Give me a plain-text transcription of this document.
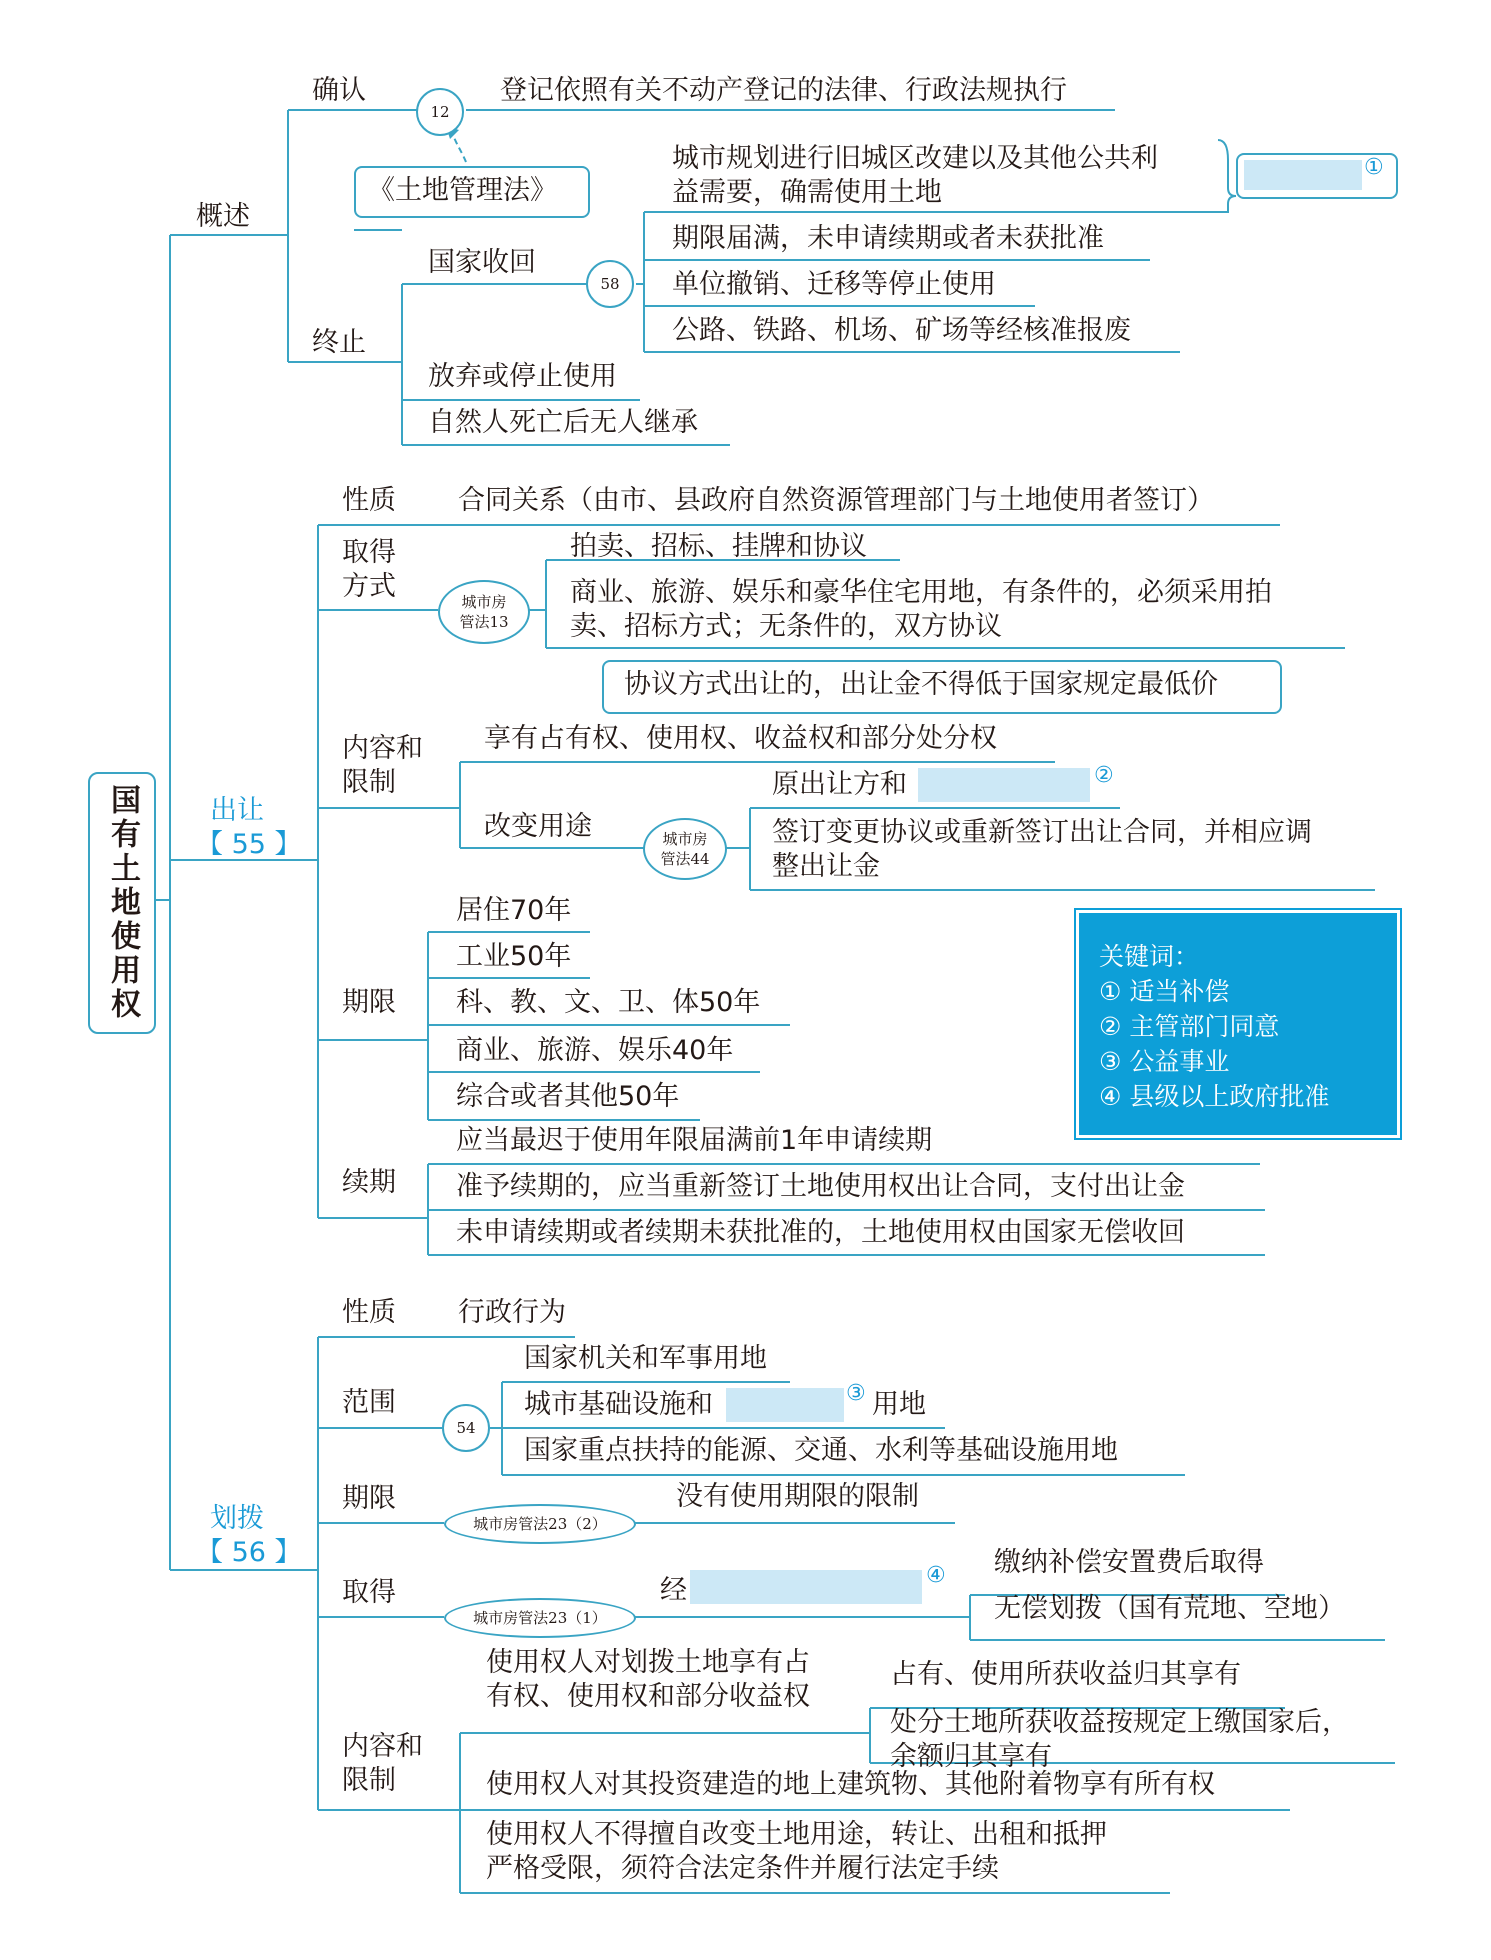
国有土地使用权
概述
确认
12
登记依照有关不动产登记的法律、行政法规执行
《土地管理法》
终止
国家收回
58
城市规划进行旧城区改建以及其他公共利
益需要，确需使用土地
①
期限届满，未申请续期或者未获批准
单位撤销、迁移等停止使用
公路、铁路、机场、矿场等经核准报废
放弃或停止使用
自然人死亡后无人继承
出让
【 55 】
性质 合同关系（由市、县政府自然资源管理部门与土地使用者签订）
取得
方式	城市房
管法13
拍卖、招标、挂牌和协议
商业、旅游、娱乐和豪华住宅用地，有条件的，必须采用拍
卖、招标方式；无条件的，双方协议
协议方式出让的，出让金不得低于国家规定最低价
内容和
限制
享有占有权、使用权、收益权和部分处分权
改变用途	城市房
管法44
原出让方和	②
签订变更协议或重新签订出让合同，并相应调
整出让金
期限
居住70年
工业50年
科、教、文、卫、体50年
商业、旅游、娱乐40年
综合或者其他50年
关键词：
① 适当补偿
② 主管部门同意
③ 公益事业
④ 县级以上政府批准
续期
应当最迟于使用年限届满前1年申请续期
准予续期的，应当重新签订土地使用权出让合同，支付出让金
未申请续期或者续期未获批准的，土地使用权由国家无偿收回
划拨
【 56 】
性质 行政行为
范围
54
国家机关和军事用地
城市基础设施和	③ 用地
国家重点扶持的能源、交通、水利等基础设施用地
期限
城市房管法23（2）
没有使用期限的限制
取得
城市房管法23（1）
经	④ 缴纳补偿安置费后取得
无偿划拨（国有荒地、空地）
内容和
限制
使用权人对划拨土地享有占
有权、使用权和部分收益权
占有、使用所获收益归其享有
处分土地所获收益按规定上缴国家后，
余额归其享有
使用权人对其投资建造的地上建筑物、其他附着物享有所有权
使用权人不得擅自改变土地用途，转让、出租和抵押
严格受限，须符合法定条件并履行法定手续
